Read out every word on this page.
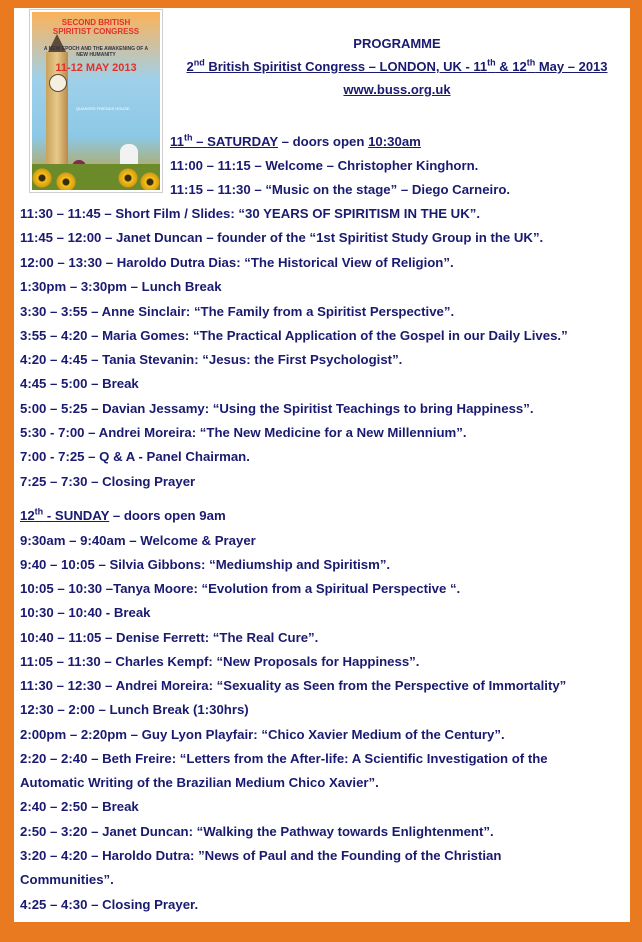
SECOND BRITISH
SPIRITIST CONGRESS
A NEW EPOCH AND THE AWAKENING OF A NEW HUMANITY
11-12 MAY 2013
QUAKERS FRIENDS HOUSE
PROGRAMME
2nd British Spiritist Congress – LONDON, UK - 11th & 12th May – 2013
www.buss.org.uk
11th – SATURDAY – doors open 10:30am
11:00 – 11:15 – Welcome – Christopher Kinghorn.
11:15 – 11:30 – “Music on the stage” – Diego Carneiro.
11:30 – 11:45 – Short Film / Slides: “30 YEARS OF SPIRITISM IN THE UK”.
11:45 – 12:00 – Janet Duncan – founder of the “1st Spiritist Study Group in the UK”.
12:00 – 13:30 – Haroldo Dutra Dias: “The Historical View of Religion”.
1:30pm – 3:30pm – Lunch Break
3:30 – 3:55 – Anne Sinclair: “The Family from a Spiritist Perspective”.
3:55 – 4:20 – Maria Gomes: “The Practical Application of the Gospel in our Daily Lives.”
4:20 – 4:45 – Tania Stevanin: “Jesus: the First Psychologist”.
4:45 – 5:00 – Break
5:00 – 5:25 – Davian Jessamy: “Using the Spiritist Teachings to bring Happiness”.
5:30 - 7:00 – Andrei Moreira: “The New Medicine for a New Millennium”.
7:00 - 7:25 – Q & A - Panel Chairman.
7:25 – 7:30 – Closing Prayer
12th - SUNDAY – doors open 9am
9:30am – 9:40am – Welcome & Prayer
9:40 – 10:05 – Silvia Gibbons: “Mediumship and Spiritism”.
10:05 – 10:30 –Tanya Moore: “Evolution from a Spiritual Perspective “.
10:30 – 10:40 - Break
10:40 – 11:05 – Denise Ferrett: “The Real Cure”.
11:05 – 11:30 – Charles Kempf: “New Proposals for Happiness”.
11:30 – 12:30 – Andrei Moreira: “Sexuality as Seen from the Perspective of Immortality”
12:30 – 2:00 – Lunch Break (1:30hrs)
2:00pm – 2:20pm – Guy Lyon Playfair: “Chico Xavier Medium of the Century”.
2:20 – 2:40 – Beth Freire: “Letters from the After-life: A Scientific Investigation of the
Automatic Writing of the Brazilian Medium Chico Xavier”.
2:40 – 2:50 – Break
2:50 – 3:20 – Janet Duncan: “Walking the Pathway towards Enlightenment”.
3:20 – 4:20 – Haroldo Dutra: ”News of Paul and the Founding of the Christian
Communities”.
4:25 – 4:30 – Closing Prayer.
